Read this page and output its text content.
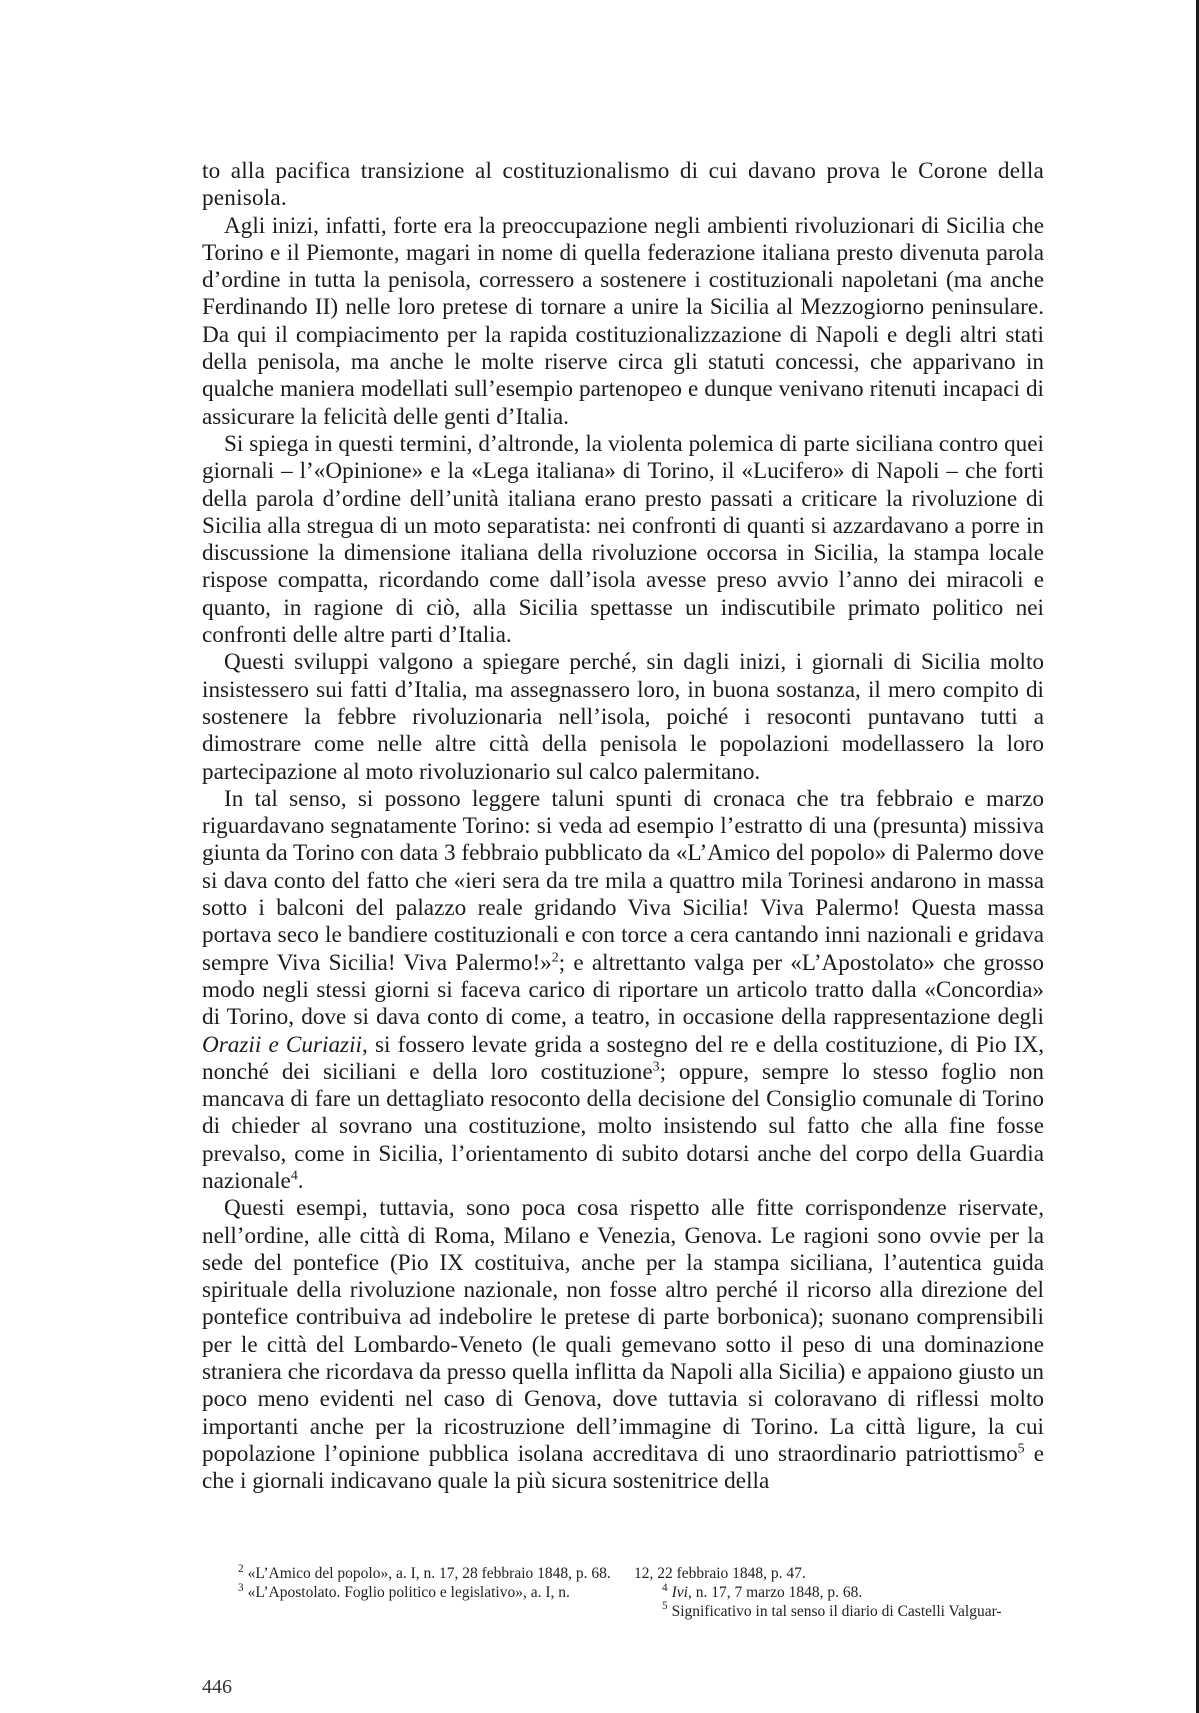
to alla pacifica transizione al costituzionalismo di cui davano prova le Corone della penisola.

Agli inizi, infatti, forte era la preoccupazione negli ambienti rivoluzionari di Sicilia che Torino e il Piemonte, magari in nome di quella federazione italiana presto divenuta parola d’ordine in tutta la penisola, corressero a sostenere i costituzionali napoletani (ma anche Ferdinando II) nelle loro pretese di tornare a unire la Sicilia al Mezzogiorno peninsulare. Da qui il compiacimento per la rapida costituzionalizzazione di Napoli e degli altri stati della penisola, ma anche le molte riserve circa gli statuti concessi, che apparivano in qualche maniera modellati sull’esempio partenopeo e dunque venivano ritenuti incapaci di assicurare la felicità delle genti d’Italia.

Si spiega in questi termini, d’altronde, la violenta polemica di parte siciliana contro quei giornali – l’«Opinione» e la «Lega italiana» di Torino, il «Lucifero» di Napoli – che forti della parola d’ordine dell’unità italiana erano presto passati a criticare la rivoluzione di Sicilia alla stregua di un moto separatista: nei confronti di quanti si azzardavano a porre in discussione la dimensione italiana della rivoluzione occorsa in Sicilia, la stampa locale rispose compatta, ricordando come dall’isola avesse preso avvio l’anno dei miracoli e quanto, in ragione di ciò, alla Sicilia spettasse un indiscutibile primato politico nei confronti delle altre parti d’Italia.

Questi sviluppi valgono a spiegare perché, sin dagli inizi, i giornali di Sicilia molto insistessero sui fatti d’Italia, ma assegnassero loro, in buona sostanza, il mero compito di sostenere la febbre rivoluzionaria nell’isola, poiché i resoconti puntavano tutti a dimostrare come nelle altre città della penisola le popolazioni modellassero la loro partecipazione al moto rivoluzionario sul calco palermitano.

In tal senso, si possono leggere taluni spunti di cronaca che tra febbraio e marzo riguardavano segnatamente Torino: si veda ad esempio l’estratto di una (presunta) missiva giunta da Torino con data 3 febbraio pubblicato da «L’Amico del popolo» di Palermo dove si dava conto del fatto che «ieri sera da tre mila a quattro mila Torinesi andarono in massa sotto i balconi del palazzo reale gridando Viva Sicilia! Viva Palermo! Questa massa portava seco le bandiere costituzionali e con torce a cera cantando inni nazionali e gridava sempre Viva Sicilia! Viva Palermo!»$^2$; e altrettanto valga per «L’Apostolato» che grosso modo negli stessi giorni si faceva carico di riportare un articolo tratto dalla «Concordia» di Torino, dove si dava conto di come, a teatro, in occasione della rappresentazione degli Orazii e Curiazii, si fossero levate grida a sostegno del re e della costituzione, di Pio IX, nonché dei siciliani e della loro costituzione$^3$; oppure, sempre lo stesso foglio non mancava di fare un dettagliato resoconto della decisione del Consiglio comunale di Torino di chieder al sovrano una costituzione, molto insistendo sul fatto che alla fine fosse prevalso, come in Sicilia, l’orientamento di subito dotarsi anche del corpo della Guardia nazionale$^4$.

Questi esempi, tuttavia, sono poca cosa rispetto alle fitte corrispondenze riservate, nell’ordine, alle città di Roma, Milano e Venezia, Genova. Le ragioni sono ovvie per la sede del pontefice (Pio IX costituiva, anche per la stampa siciliana, l’autentica guida spirituale della rivoluzione nazionale, non fosse altro perché il ricorso alla direzione del pontefice contribuiva ad indebolire le pretese di parte borbonica); suonano comprensibili per le città del Lombardo-Veneto (le quali gemevano sotto il peso di una dominazione straniera che ricordava da presso quella inflitta da Napoli alla Sicilia) e appaiono giusto un poco meno evidenti nel caso di Genova, dove tuttavia si coloravano di riflessi molto importanti anche per la ricostruzione dell’immagine di Torino. La città ligure, la cui popolazione l’opinione pubblica isolana accreditava di uno straordinario patriottismo$^5$ e che i giornali indicavano quale la più sicura sostenitrice della

$^2$ «L’Amico del popolo», a. I, n. 17, 28 febbraio 1848, p. 68.

$^3$ «L’Apostolato. Foglio politico e legislativo», a. I, n.

12, 22 febbraio 1848, p. 47.

$^4$ Ivi, n. 17, 7 marzo 1848, p. 68.

$^5$ Significativo in tal senso il diario di Castelli Valguar-

446
